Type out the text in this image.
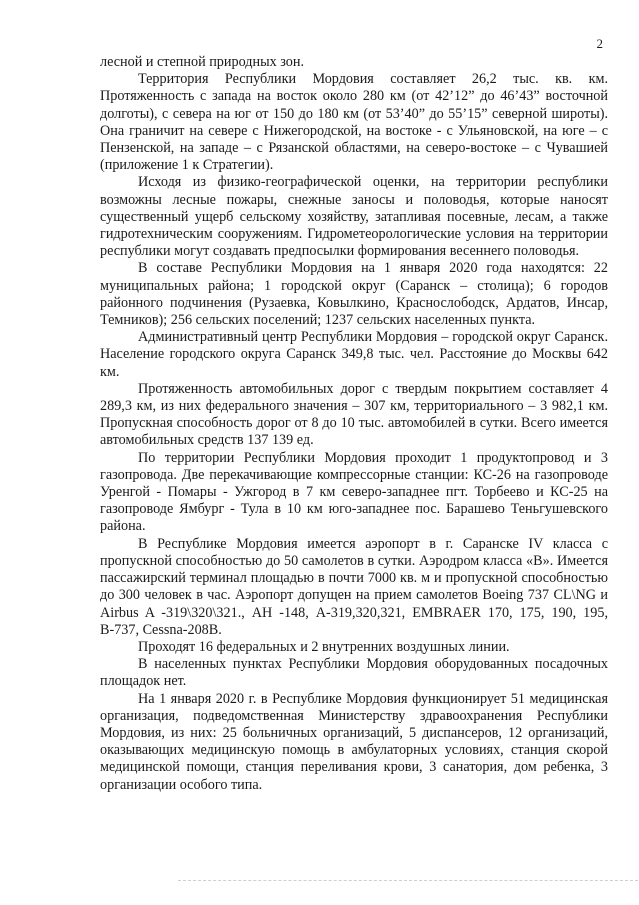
2

лесной и степной природных зон.

Территория Республики Мордовия составляет 26,2 тыс. кв. км. Протяженность с запада на восток около 280 км (от 42’12” до 46’43” восточной долготы), с севера на юг от 150 до 180 км (от 53’40” до 55’15” северной широты). Она граничит на севере с Нижегородской, на востоке - с Ульяновской, на юге – с Пензенской, на западе – с Рязанской областями, на северо-востоке – с Чувашией (приложение 1 к Стратегии).

Исходя из физико-географической оценки, на территории республики возможны лесные пожары, снежные заносы и половодья, которые наносят существенный ущерб сельскому хозяйству, затапливая посевные, лесам, а также гидротехническим сооружениям. Гидрометеорологические условия на территории республики могут создавать предпосылки формирования весеннего половодья.

В составе Республики Мордовия на 1 января 2020 года находятся: 22 муниципальных района; 1 городской округ (Саранск – столица); 6 городов районного подчинения (Рузаевка, Ковылкино, Краснослободск, Ардатов, Инсар, Темников); 256 сельских поселений; 1237 сельских населенных пункта.

Административный центр Республики Мордовия – городской округ Саранск. Население городского округа Саранск 349,8 тыс. чел. Расстояние до Москвы 642 км.

Протяженность автомобильных дорог с твердым покрытием составляет 4 289,3 км, из них федерального значения – 307 км, территориального – 3 982,1 км. Пропускная способность дорог от 8 до 10 тыс. автомобилей в сутки. Всего имеется автомобильных средств 137 139 ед.

По территории Республики Мордовия проходит 1 продуктопровод и 3 газопровода. Две перекачивающие компрессорные станции: КС-26 на газопроводе Уренгой - Помары - Ужгород в 7 км северо-западнее пгт. Торбеево и КС-25 на газопроводе Ямбург - Тула в 10 км юго-западнее пос. Барашево Теньгушевского района.

В Республике Мордовия имеется аэропорт в г. Саранске IV класса с пропускной способностью до 50 самолетов в сутки. Аэродром класса «В». Имеется пассажирский терминал площадью в почти 7000 кв. м и пропускной способностью до 300 человек в час. Аэропорт допущен на прием самолетов Boeing 737 CL\NG и Airbus A -319\320\321., АН -148, А-319,320,321, EMBRAER 170, 175, 190, 195, В-737, Cessna-208В.

Проходят 16 федеральных и 2 внутренних воздушных линии.

В населенных пунктах Республики Мордовия оборудованных посадочных площадок нет.

На 1 января 2020 г. в Республике Мордовия функционирует 51 медицинская организация, подведомственная Министерству здравоохранения Республики Мордовия, из них: 25 больничных организаций, 5 диспансеров, 12 организаций, оказывающих медицинскую помощь в амбулаторных условиях, станция скорой медицинской помощи, станция переливания крови, 3 санатория, дом ребенка, 3 организации особого типа.
